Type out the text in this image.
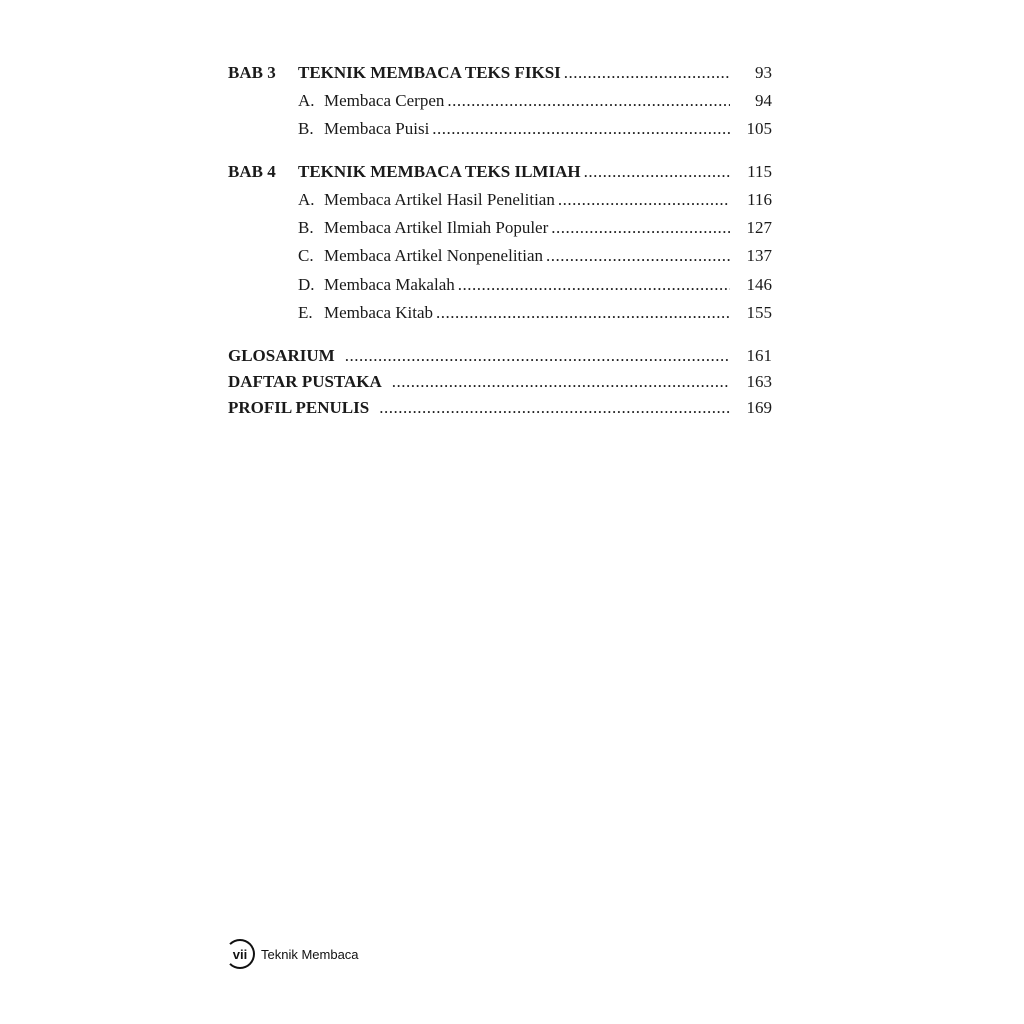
BAB 3	TEKNIK MEMBACA TEKS FIKSI .....	93
A. Membaca Cerpen .....	94
B. Membaca Puisi .....	105
BAB 4	TEKNIK MEMBACA TEKS ILMIAH .....	115
A. Membaca Artikel Hasil Penelitian .....	116
B. Membaca Artikel Ilmiah Populer .....	127
C. Membaca Artikel Nonpenelitian .....	137
D. Membaca Makalah .....	146
E. Membaca Kitab .....	155
GLOSARIUM .....	161
DAFTAR PUSTAKA .....	163
PROFIL PENULIS .....	169
vii	Teknik Membaca
